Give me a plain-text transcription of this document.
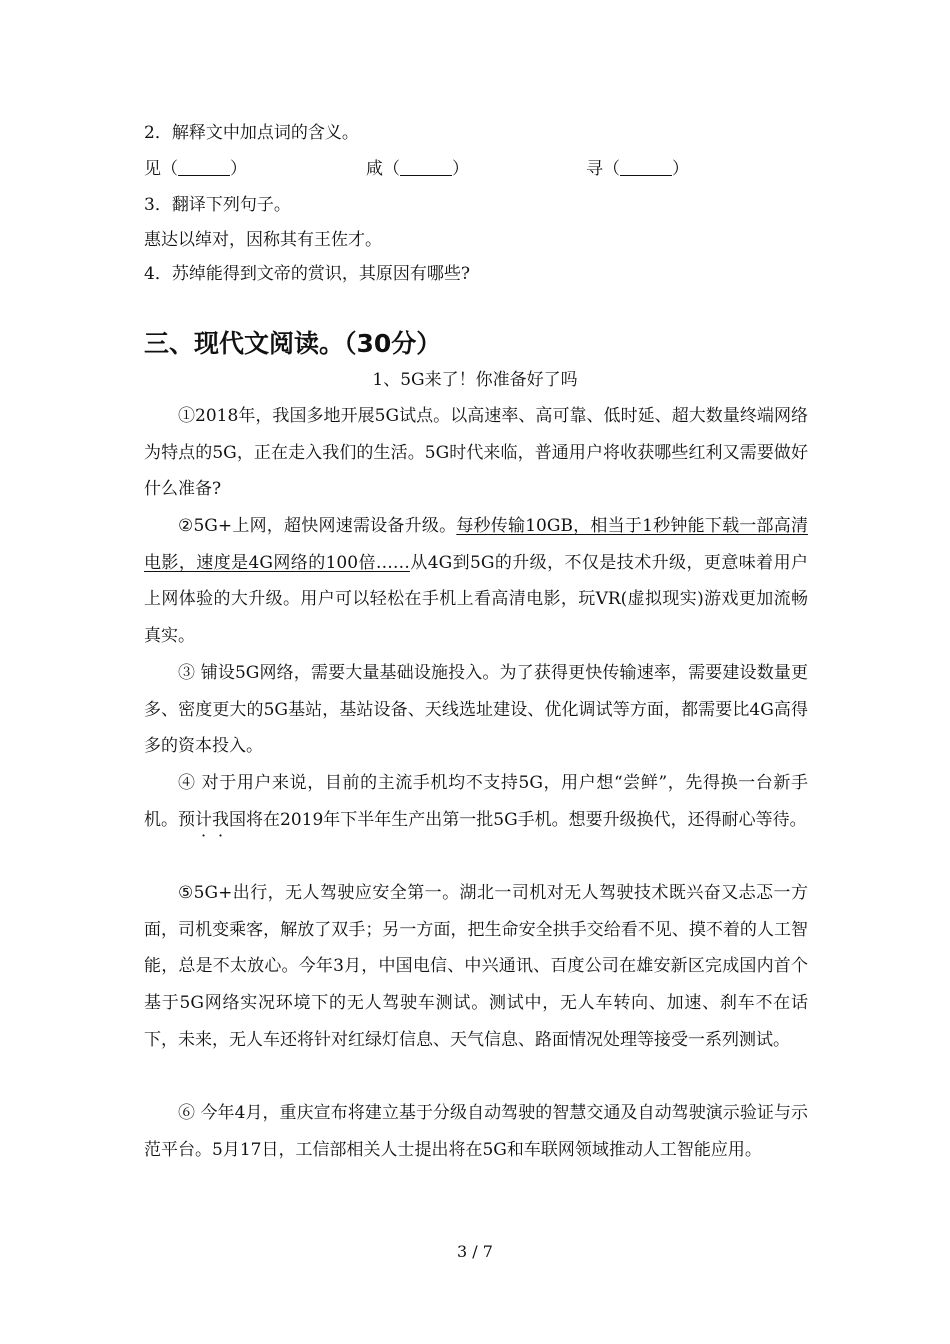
2．解释文中加点词的含义。
见（	）	咸（	）	寻（	）
3．翻译下列句子。
惠达以绰对，因称其有王佐才。
4．苏绰能得到文帝的赏识，其原因有哪些?
三、现代文阅读。（30分）
1、5G来了！你准备好了吗
①2018年，我国多地开展5G试点。以高速率、高可靠、低时延、超大数量终端网络为特点的5G，正在走入我们的生活。5G时代来临，普通用户将收获哪些红利又需要做好什么准备?
②5G+上网，超快网速需设备升级。每秒传输10GB，相当于1秒钟能下载一部高清电影，速度是4G网络的100倍……从4G到5G的升级，不仅是技术升级，更意味着用户上网体验的大升级。用户可以轻松在手机上看高清电影，玩VR(虚拟现实)游戏更加流畅真实。
③ 铺设5G网络，需要大量基础设施投入。为了获得更快传输速率，需要建设数量更多、密度更大的5G基站，基站设备、天线选址建设、优化调试等方面，都需要比4G高得多的资本投入。
④ 对于用户来说，目前的主流手机均不支持5G，用户想“尝鲜”，先得换一台新手机。预计我国将在2019年下半年生产出第一批5G手机。想要升级换代，还得耐心等待。
⑤5G+出行，无人驾驶应安全第一。湖北一司机对无人驾驶技术既兴奋又忐忑一方面，司机变乘客，解放了双手；另一方面，把生命安全拱手交给看不见、摸不着的人工智能，总是不太放心。今年3月，中国电信、中兴通讯、百度公司在雄安新区完成国内首个基于5G网络实况环境下的无人驾驶车测试。测试中，无人车转向、加速、刹车不在话下，未来，无人车还将针对红绿灯信息、天气信息、路面情况处理等接受一系列测试。
⑥ 今年4月，重庆宣布将建立基于分级自动驾驶的智慧交通及自动驾驶演示验证与示范平台。5月17日，工信部相关人士提出将在5G和车联网领域推动人工智能应用。
3 / 7
